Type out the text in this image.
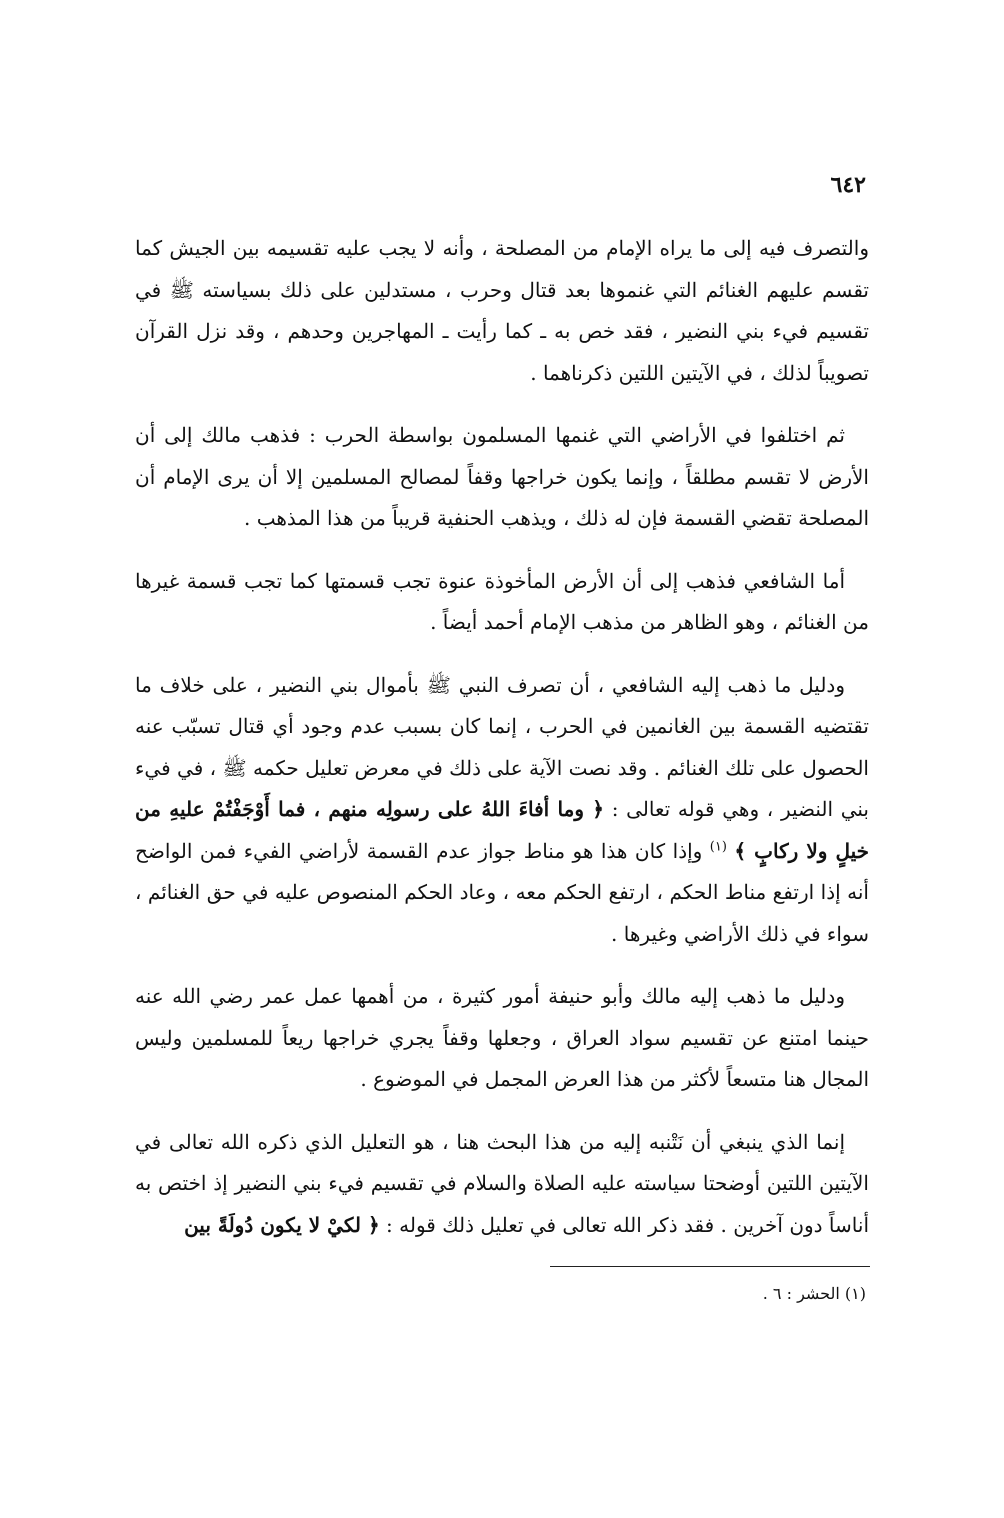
٦٤٢

والتصرف فيه إلى ما يراه الإمام من المصلحة ، وأنه لا يجب عليه تقسيمه بين الجيش كما تقسم عليهم الغنائم التي غنموها بعد قتال وحرب ، مستدلين على ذلك بسياسته ﷺ في تقسيم فيء بني النضير ، فقد خص به ـ كما رأيت ـ المهاجرين وحدهم ، وقد نزل القرآن تصويباً لذلك ، في الآيتين اللتين ذكرناهما .

ثم اختلفوا في الأراضي التي غنمها المسلمون بواسطة الحرب : فذهب مالك إلى أن الأرض لا تقسم مطلقاً ، وإنما يكون خراجها وقفاً لمصالح المسلمين إلا أن يرى الإمام أن المصلحة تقضي القسمة فإن له ذلك ، ويذهب الحنفية قريباً من هذا المذهب .

أما الشافعي فذهب إلى أن الأرض المأخوذة عنوة تجب قسمتها كما تجب قسمة غيرها من الغنائم ، وهو الظاهر من مذهب الإمام أحمد أيضاً .

ودليل ما ذهب إليه الشافعي ، أن تصرف النبي ﷺ بأموال بني النضير ، على خلاف ما تقتضيه القسمة بين الغانمين في الحرب ، إنما كان بسبب عدم وجود أي قتال تسبّب عنه الحصول على تلك الغنائم . وقد نصت الآية على ذلك في معرض تعليل حكمه ﷺ ، في فيء بني النضير ، وهي قوله تعالى : ﴿ وما أفاءَ اللهُ على رسولِه منهم ، فما أَوْجَفْتُمْ عليهِ من خيلٍ ولا ركابٍ ﴾ $^{(١)}$ وإذا كان هذا هو مناط جواز عدم القسمة لأراضي الفيء فمن الواضح أنه إذا ارتفع مناط الحكم ، ارتفع الحكم معه ، وعاد الحكم المنصوص عليه في حق الغنائم ، سواء في ذلك الأراضي وغيرها .

ودليل ما ذهب إليه مالك وأبو حنيفة أمور كثيرة ، من أهمها عمل عمر رضي الله عنه حينما امتنع عن تقسيم سواد العراق ، وجعلها وقفاً يجري خراجها ريعاً للمسلمين وليس المجال هنا متسعاً لأكثر من هذا العرض المجمل في الموضوع .

إنما الذي ينبغي أن نَتْنبه إليه من هذا البحث هنا ، هو التعليل الذي ذكره الله تعالى في الآيتين اللتين أوضحتا سياسته عليه الصلاة والسلام في تقسيم فيء بني النضير إذ اختص به أناساً دون آخرين . فقد ذكر الله تعالى في تعليل ذلك قوله : ﴿ لكيْ لا يكون دُولَةً بين

(١) الحشر : ٦ .
